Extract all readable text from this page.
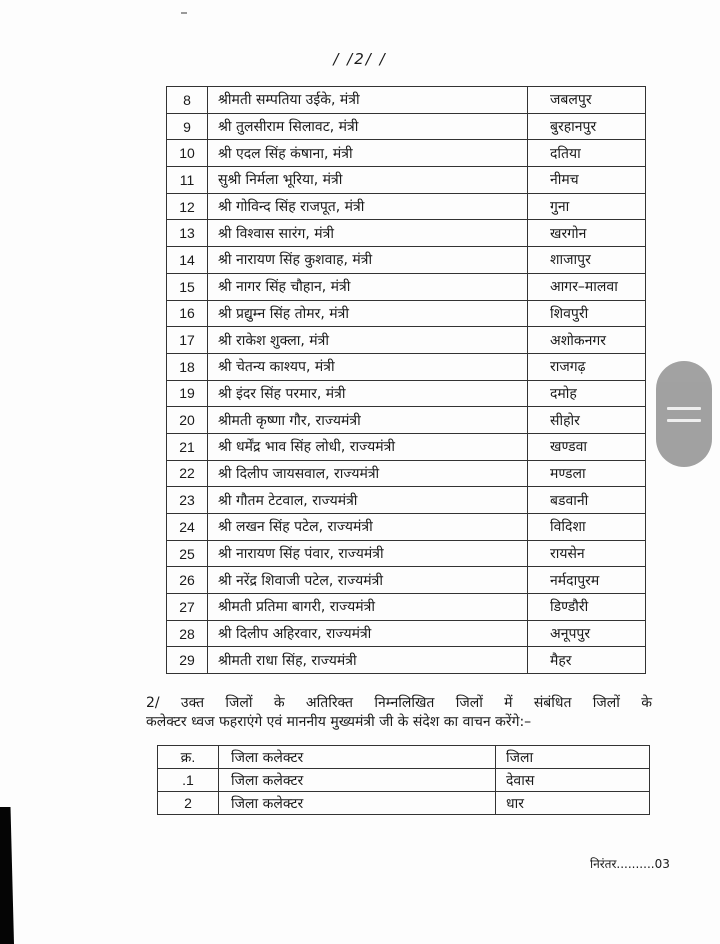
/ /2/ /
8	श्रीमती सम्पतिया उईके, मंत्री	जबलपुर
9	श्री तुलसीराम सिलावट, मंत्री	बुरहानपुर
10	श्री एदल सिंह कंषाना, मंत्री	दतिया
11	सुश्री निर्मला भूरिया, मंत्री	नीमच
12	श्री गोविन्द सिंह राजपूत, मंत्री	गुना
13	श्री विश्वास सारंग, मंत्री	खरगोन
14	श्री नारायण सिंह कुशवाह, मंत्री	शाजापुर
15	श्री नागर सिंह चौहान, मंत्री	आगर–मालवा
16	श्री प्रद्युम्न सिंह तोमर, मंत्री	शिवपुरी
17	श्री राकेश शुक्ला, मंत्री	अशोकनगर
18	श्री चेतन्य काश्यप, मंत्री	राजगढ़
19	श्री इंदर सिंह परमार, मंत्री	दमोह
20	श्रीमती कृष्णा गौर, राज्यमंत्री	सीहोर
21	श्री धर्मेंद्र भाव सिंह लोधी, राज्यमंत्री	खण्डवा
22	श्री दिलीप जायसवाल, राज्यमंत्री	मण्डला
23	श्री गौतम टेटवाल, राज्यमंत्री	बडवानी
24	श्री लखन सिंह पटेल, राज्यमंत्री	विदिशा
25	श्री नारायण सिंह पंवार, राज्यमंत्री	रायसेन
26	श्री नरेंद्र शिवाजी पटेल, राज्यमंत्री	नर्मदापुरम
27	श्रीमती प्रतिमा बागरी, राज्यमंत्री	डिण्डौरी
28	श्री दिलीप अहिरवार, राज्यमंत्री	अनूपपुर
29	श्रीमती राधा सिंह, राज्यमंत्री	मैहर
2/ उक्त जिलों के अतिरिक्त निम्नलिखित जिलों में संबंधित जिलों के
कलेक्टर ध्वज फहराएंगे एवं माननीय मुख्यमंत्री जी के संदेश का वाचन करेंगे:–
क्र.	जिला कलेक्टर	जिला
.1	जिला कलेक्टर	देवास
2	जिला कलेक्टर	धार
निरंतर..........03
